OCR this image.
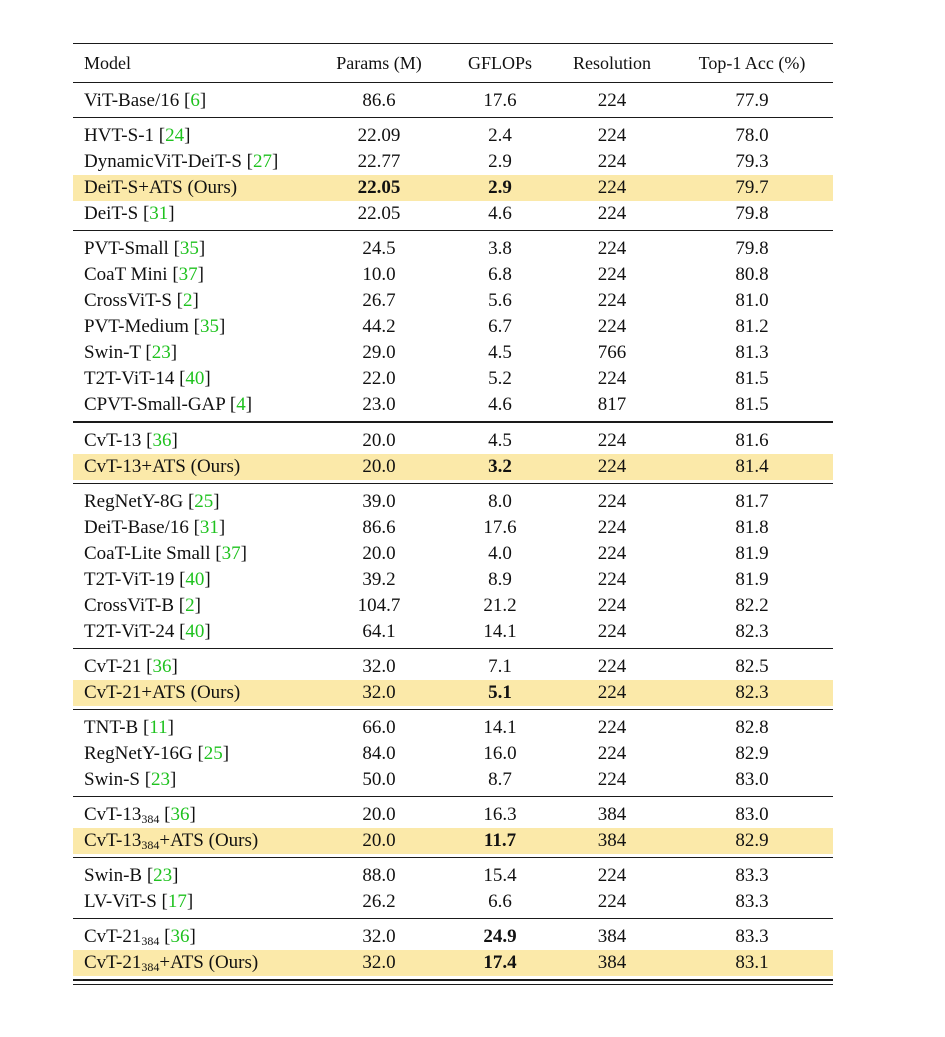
Model	Params (M)	GFLOPs	Resolution	Top-1 Acc (%)
ViT-Base/16 [6]	86.6	17.6	224	77.9
HVT-S-1 [24]	22.09	2.4	224	78.0
DynamicViT-DeiT-S [27]	22.77	2.9	224	79.3
DeiT-S+ATS (Ours)	22.05	2.9	224	79.7
DeiT-S [31]	22.05	4.6	224	79.8
PVT-Small [35]	24.5	3.8	224	79.8
CoaT Mini [37]	10.0	6.8	224	80.8
CrossViT-S [2]	26.7	5.6	224	81.0
PVT-Medium [35]	44.2	6.7	224	81.2
Swin-T [23]	29.0	4.5	766	81.3
T2T-ViT-14 [40]	22.0	5.2	224	81.5
CPVT-Small-GAP [4]	23.0	4.6	817	81.5
CvT-13 [36]	20.0	4.5	224	81.6
CvT-13+ATS (Ours)	20.0	3.2	224	81.4
RegNetY-8G [25]	39.0	8.0	224	81.7
DeiT-Base/16 [31]	86.6	17.6	224	81.8
CoaT-Lite Small [37]	20.0	4.0	224	81.9
T2T-ViT-19 [40]	39.2	8.9	224	81.9
CrossViT-B [2]	104.7	21.2	224	82.2
T2T-ViT-24 [40]	64.1	14.1	224	82.3
CvT-21 [36]	32.0	7.1	224	82.5
CvT-21+ATS (Ours)	32.0	5.1	224	82.3
TNT-B [11]	66.0	14.1	224	82.8
RegNetY-16G [25]	84.0	16.0	224	82.9
Swin-S [23]	50.0	8.7	224	83.0
CvT-$13_{384}$ [36]	20.0	16.3	384	83.0
CvT-$13_{384}+ATS$ (Ours)	20.0	11.7	384	82.9
Swin-B [23]	88.0	15.4	224	83.3
LV-ViT-S [17]	26.2	6.6	224	83.3
CvT-$21_{384}$ [36]	32.0	24.9	384	83.3
CvT-$21_{384}+ATS$ (Ours)	32.0	17.4	384	83.1
